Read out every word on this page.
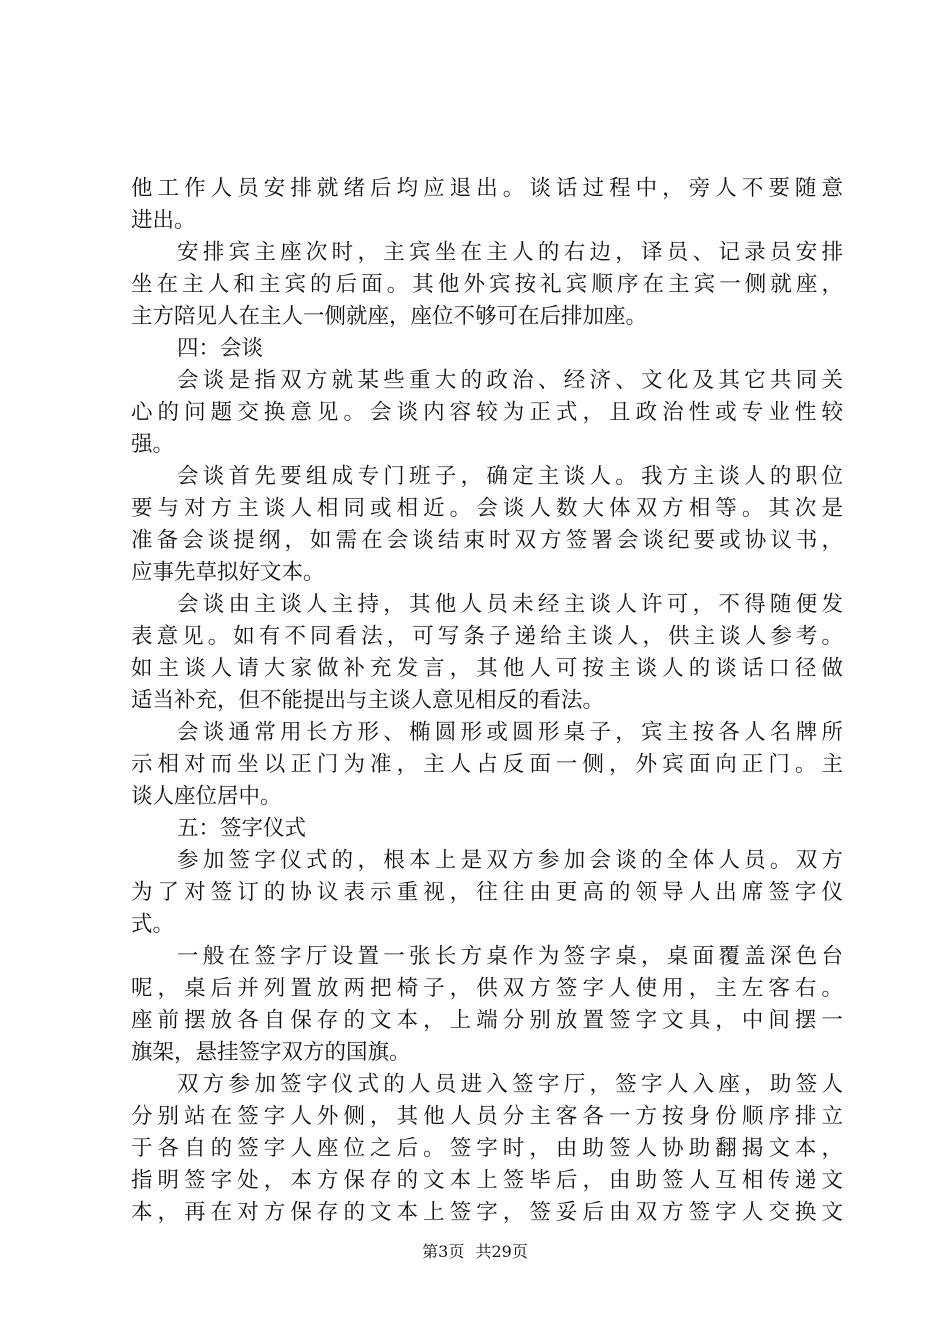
他工作人员安排就绪后均应退出。谈话过程中，旁人不要随意
进出。
安排宾主座次时，主宾坐在主人的右边，译员、记录员安排
坐在主人和主宾的后面。其他外宾按礼宾顺序在主宾一侧就座，
主方陪见人在主人一侧就座，座位不够可在后排加座。
四：会谈
会谈是指双方就某些重大的政治、经济、文化及其它共同关
心的问题交换意见。会谈内容较为正式，且政治性或专业性较
强。
会谈首先要组成专门班子，确定主谈人。我方主谈人的职位
要与对方主谈人相同或相近。会谈人数大体双方相等。其次是
准备会谈提纲，如需在会谈结束时双方签署会谈纪要或协议书，
应事先草拟好文本。
会谈由主谈人主持，其他人员未经主谈人许可，不得随便发
表意见。如有不同看法，可写条子递给主谈人，供主谈人参考。
如主谈人请大家做补充发言，其他人可按主谈人的谈话口径做
适当补充，但不能提出与主谈人意见相反的看法。
会谈通常用长方形、椭圆形或圆形桌子，宾主按各人名牌所
示相对而坐以正门为准，主人占反面一侧，外宾面向正门。主
谈人座位居中。
五：签字仪式
参加签字仪式的，根本上是双方参加会谈的全体人员。双方
为了对签订的协议表示重视，往往由更高的领导人出席签字仪
式。
一般在签字厅设置一张长方桌作为签字桌，桌面覆盖深色台
呢，桌后并列置放两把椅子，供双方签字人使用，主左客右。
座前摆放各自保存的文本，上端分别放置签字文具，中间摆一
旗架，悬挂签字双方的国旗。
双方参加签字仪式的人员进入签字厅，签字人入座，助签人
分别站在签字人外侧，其他人员分主客各一方按身份顺序排立
于各自的签字人座位之后。签字时，由助签人协助翻揭文本，
指明签字处，本方保存的文本上签毕后，由助签人互相传递文
本，再在对方保存的文本上签字，签妥后由双方签字人交换文
第3页 共29页
